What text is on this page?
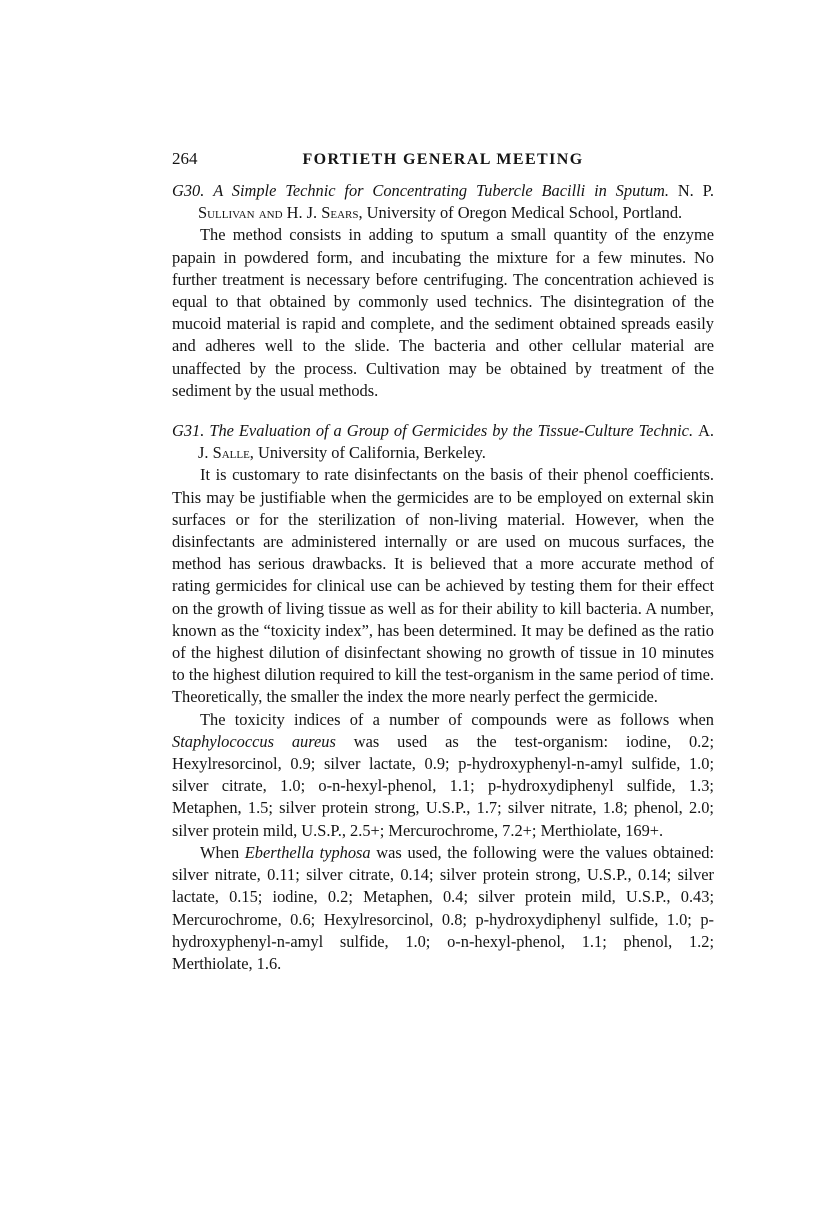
264	FORTIETH GENERAL MEETING

G30. A Simple Technic for Concentrating Tubercle Bacilli in Sputum. N. P. Sullivan and H. J. Sears, University of Oregon Medical School, Portland.

The method consists in adding to sputum a small quantity of the enzyme papain in powdered form, and incubating the mixture for a few minutes. No further treatment is necessary before centrifuging. The concentration achieved is equal to that obtained by commonly used technics. The disintegration of the mucoid material is rapid and complete, and the sediment obtained spreads easily and adheres well to the slide. The bacteria and other cellular material are unaffected by the process. Cultivation may be obtained by treatment of the sediment by the usual methods.

G31. The Evaluation of a Group of Germicides by the Tissue-Culture Technic. A. J. Salle, University of California, Berkeley.

It is customary to rate disinfectants on the basis of their phenol coefficients. This may be justifiable when the germicides are to be employed on external skin surfaces or for the sterilization of non-living material. However, when the disinfectants are administered internally or are used on mucous surfaces, the method has serious drawbacks. It is believed that a more accurate method of rating germicides for clinical use can be achieved by testing them for their effect on the growth of living tissue as well as for their ability to kill bacteria. A number, known as the “toxicity index”, has been determined. It may be defined as the ratio of the highest dilution of disinfectant showing no growth of tissue in 10 minutes to the highest dilution required to kill the test-organism in the same period of time. Theoretically, the smaller the index the more nearly perfect the germicide.

The toxicity indices of a number of compounds were as follows when Staphylococcus aureus was used as the test-organism: iodine, 0.2; Hexylresorcinol, 0.9; silver lactate, 0.9; p-hydroxyphenyl-n-amyl sulfide, 1.0; silver citrate, 1.0; o-n-hexyl-phenol, 1.1; p-hydroxydiphenyl sulfide, 1.3; Metaphen, 1.5; silver protein strong, U.S.P., 1.7; silver nitrate, 1.8; phenol, 2.0; silver protein mild, U.S.P., 2.5+; Mercurochrome, 7.2+; Merthiolate, 169+.

When Eberthella typhosa was used, the following were the values obtained: silver nitrate, 0.11; silver citrate, 0.14; silver protein strong, U.S.P., 0.14; silver lactate, 0.15; iodine, 0.2; Metaphen, 0.4; silver protein mild, U.S.P., 0.43; Mercurochrome, 0.6; Hexylresorcinol, 0.8; p-hydroxydiphenyl sulfide, 1.0; p-hydroxyphenyl-n-amyl sulfide, 1.0; o-n-hexyl-phenol, 1.1; phenol, 1.2; Merthiolate, 1.6.
